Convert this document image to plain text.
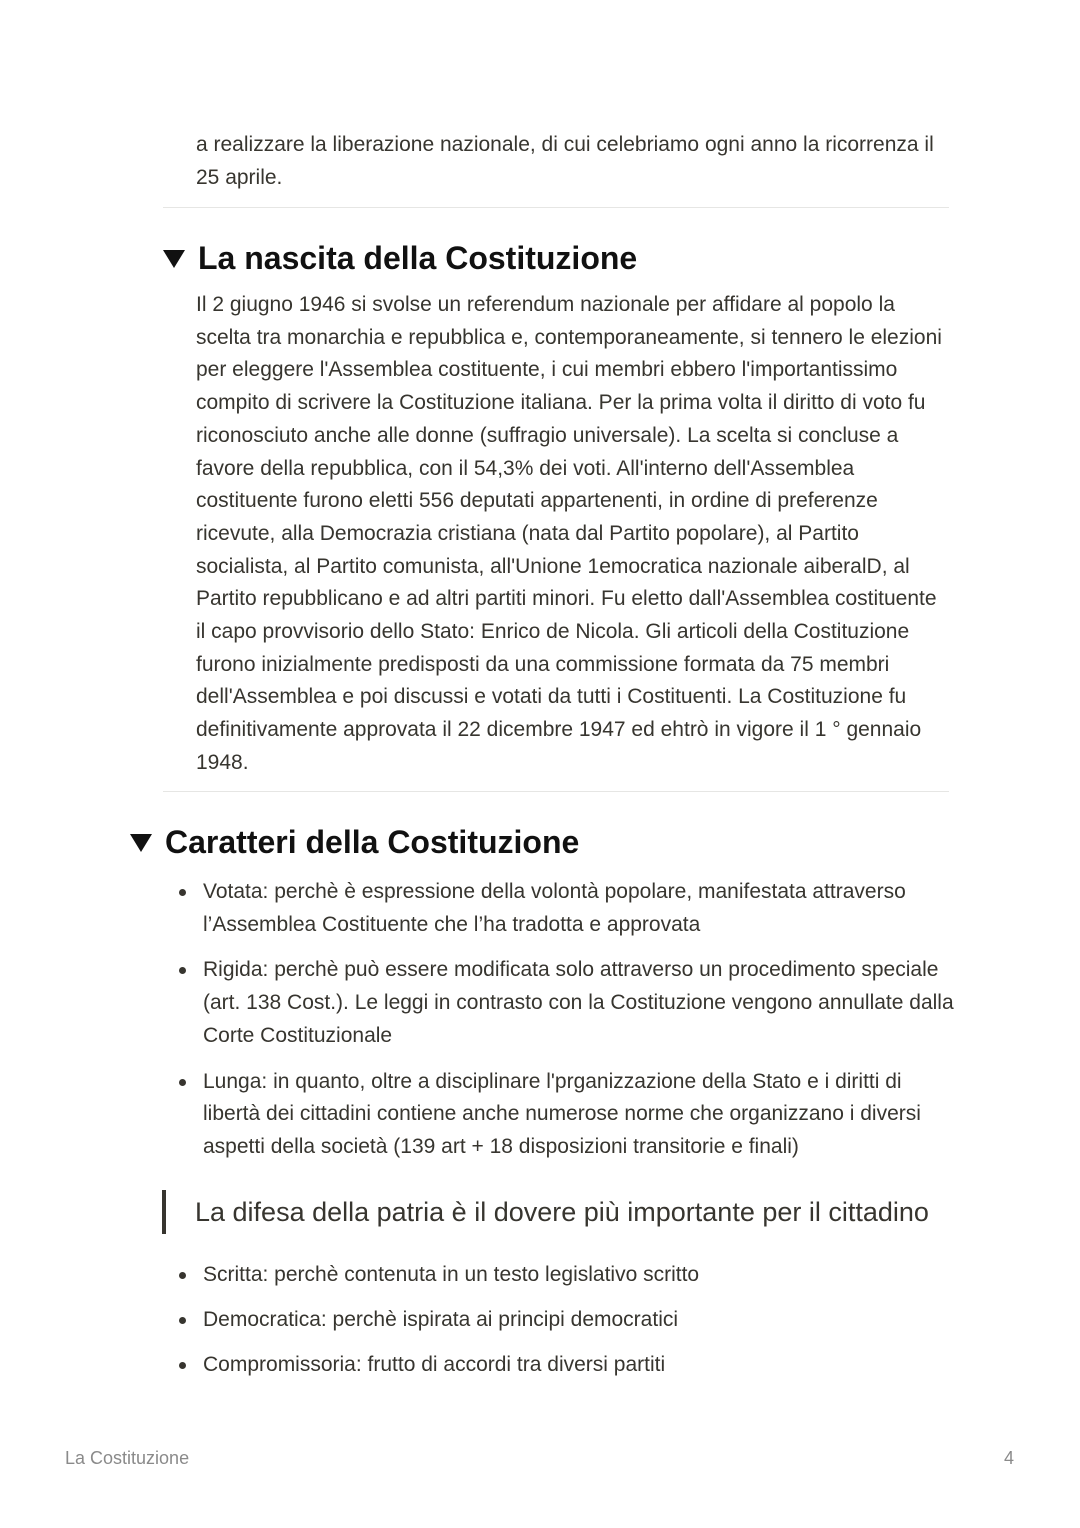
a realizzare la liberazione nazionale, di cui celebriamo ogni anno la ricorrenza il 25 aprile.

La nascita della Costituzione

Il 2 giugno 1946 si svolse un referendum nazionale per affidare al popolo la scelta tra monarchia e repubblica e, contemporaneamente, si tennero le elezioni per eleggere l'Assemblea costituente, i cui membri ebbero l'importantissimo compito di scrivere la Costituzione italiana. Per la prima volta il diritto di voto fu riconosciuto anche alle donne (suffragio universale). La scelta si concluse a favore della repubblica, con il 54,3% dei voti. All'interno dell'Assemblea costituente furono eletti 556 deputati appartenenti, in ordine di preferenze ricevute, alla Democrazia cristiana (nata dal Partito popolare), al Partito socialista, al Partito comunista, all'Unione 1emocratica nazionale aiberalD, al Partito repubblicano e ad altri partiti minori. Fu eletto dall'Assemblea costituente il capo provvisorio dello Stato: Enrico de Nicola. Gli articoli della Costituzione furono inizialmente predisposti da una commissione formata da 75 membri dell'Assemblea e poi discussi e votati da tutti i Costituenti. La Costituzione fu definitivamente approvata il 22 dicembre 1947 ed ehtrò in vigore il 1 ° gennaio 1948.

Caratteri della Costituzione
Votata: perchè è espressione della volontà popolare, manifestata attraverso l’Assemblea Costituente che l’ha tradotta e approvata
Rigida: perchè può essere modificata solo attraverso un procedimento speciale (art. 138 Cost.). Le leggi in contrasto con la Costituzione vengono annullate dalla Corte Costituzionale
Lunga: in quanto, oltre a disciplinare l'prganizzazione della Stato e i diritti di libertà dei cittadini contiene anche numerose norme che organizzano i diversi aspetti della società (139 art + 18 disposizioni transitorie e finali)
La difesa della patria è il dovere più importante per il cittadino
Scritta: perchè contenuta in un testo legislativo scritto
Democratica: perchè ispirata ai principi democratici
Compromissoria: frutto di accordi tra diversi partiti
La Costituzione	4
